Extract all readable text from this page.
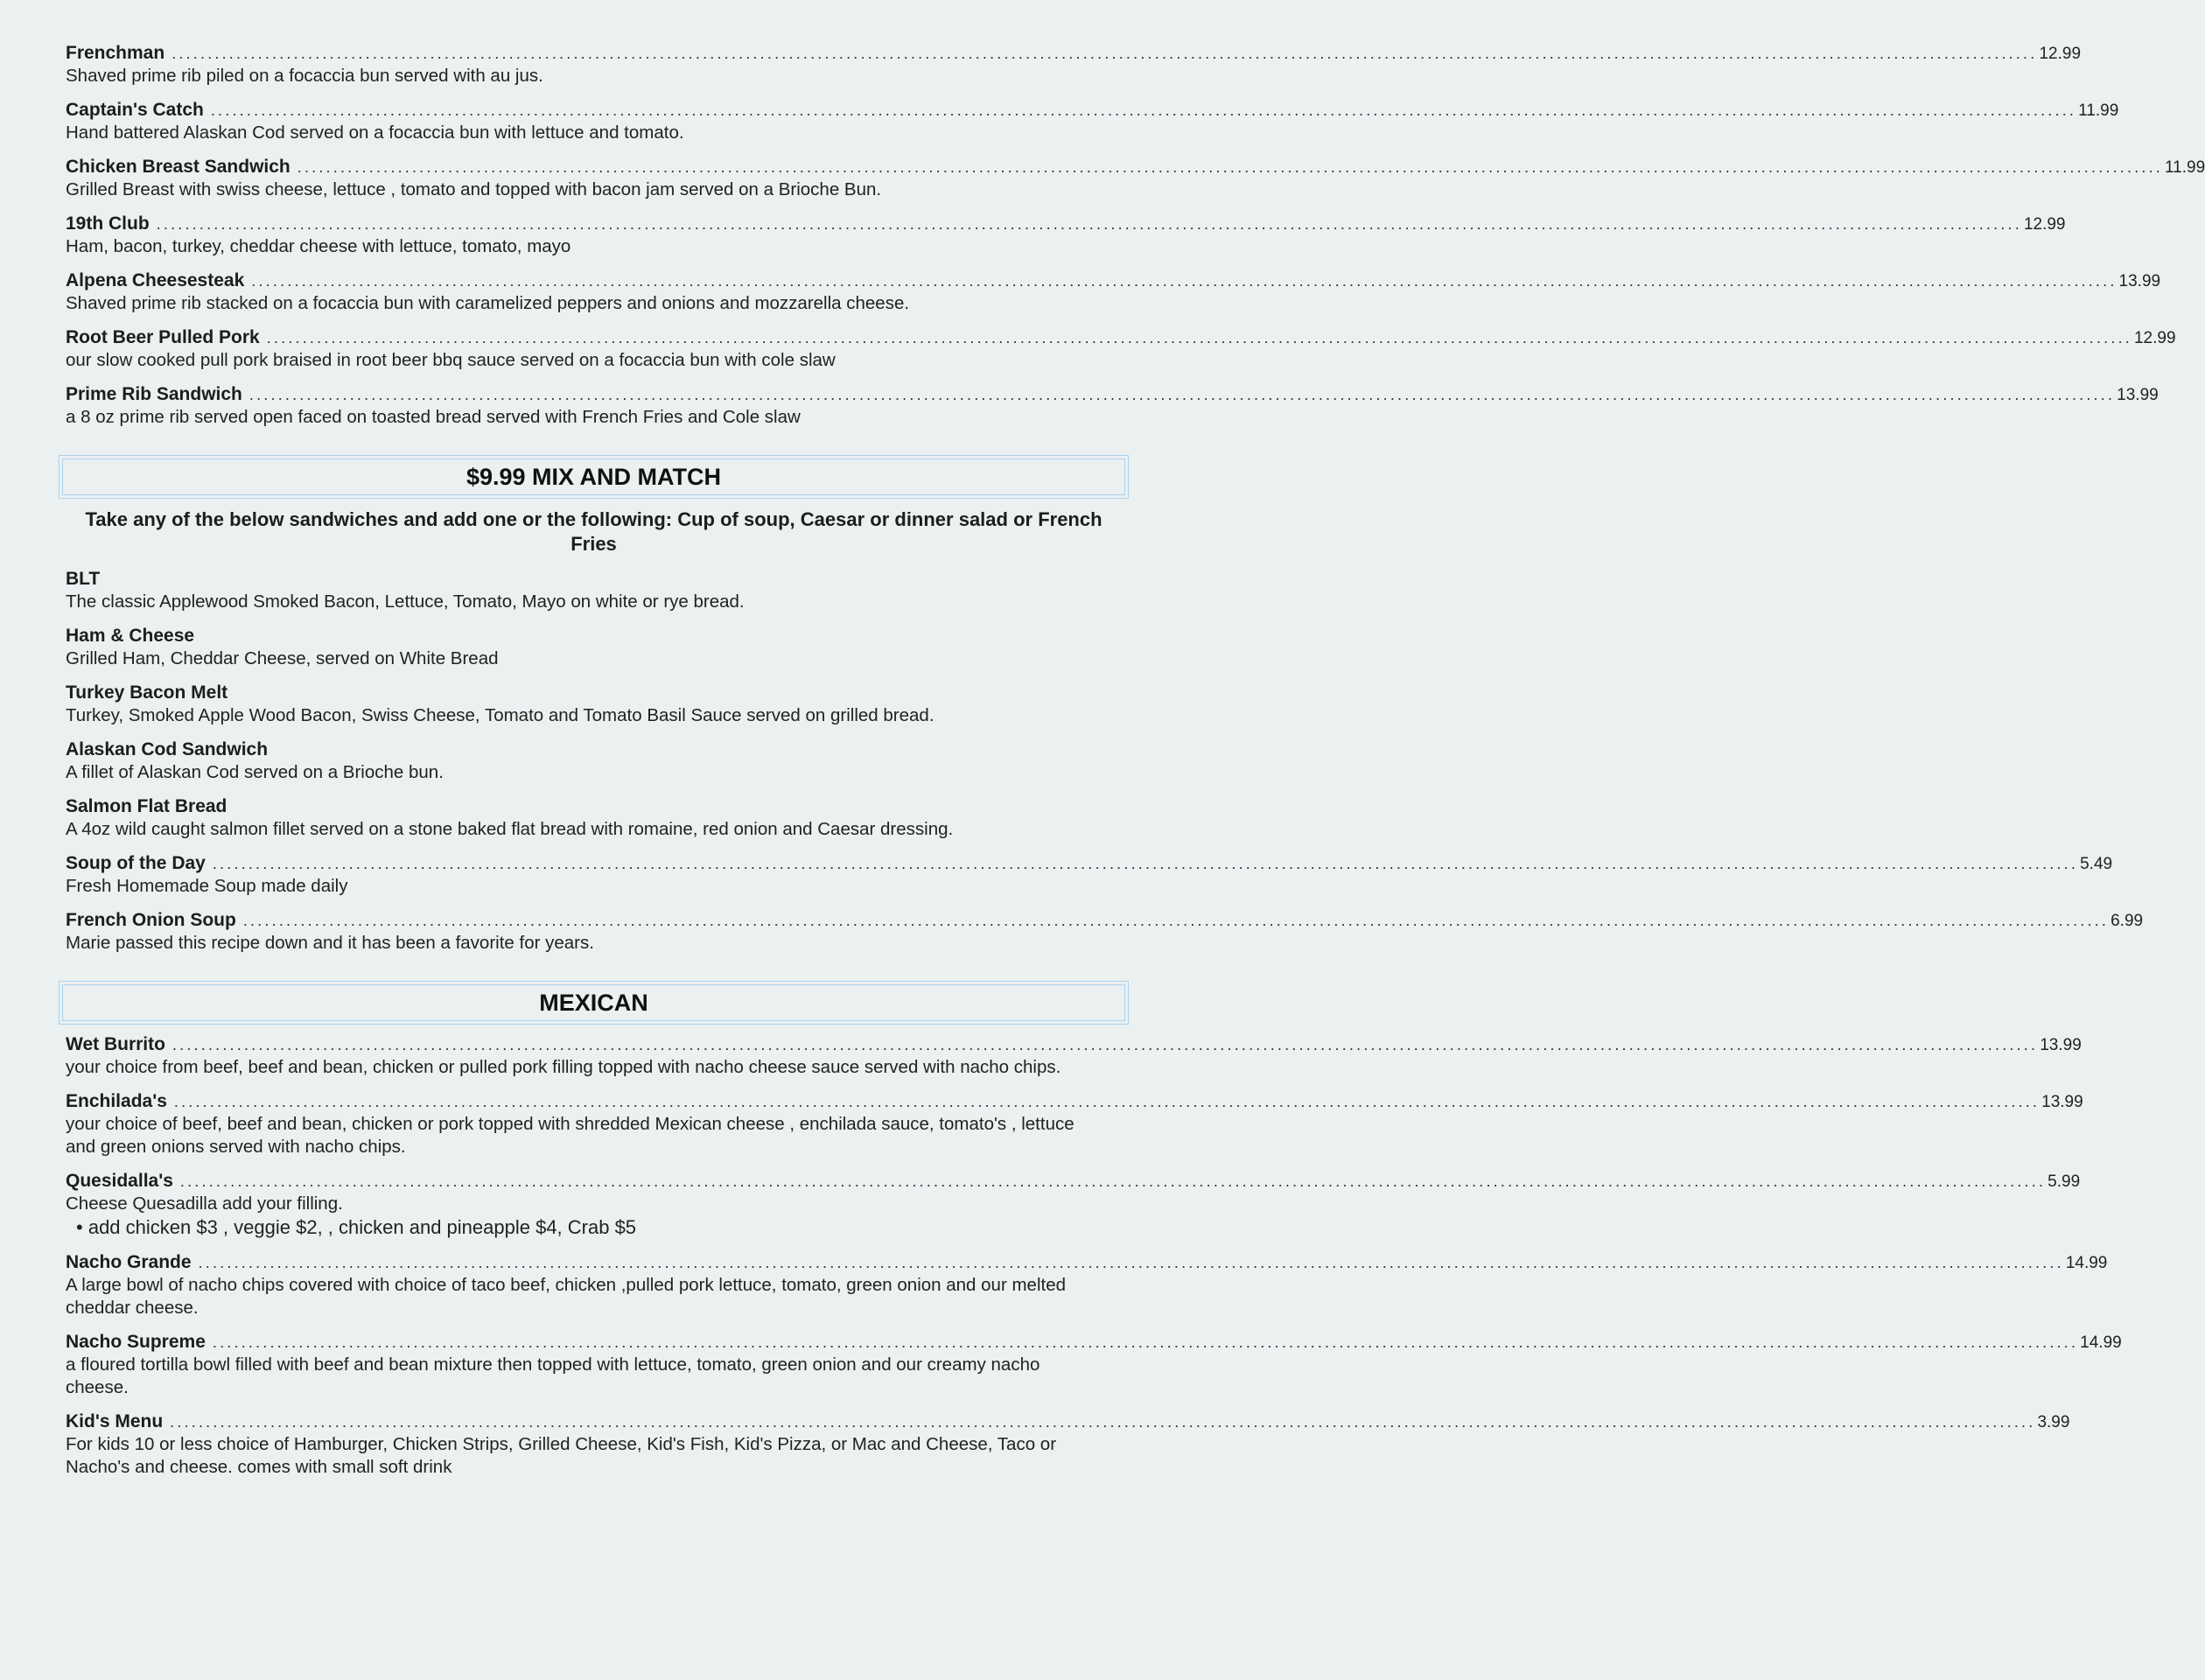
Frenchman .................................................................................................................................................................................................................................................................... 12.99
Shaved prime rib piled on a focaccia bun served with au jus.
Captain's Catch .................................................................................................................................................................................................................................................................... 11.99
Hand battered Alaskan Cod served on a focaccia bun with lettuce and tomato.
Chicken Breast Sandwich .................................................................................................................................................................................................................................................................... 11.99
Grilled Breast with swiss cheese, lettuce , tomato and topped with bacon jam served on a Brioche Bun.
19th Club .................................................................................................................................................................................................................................................................... 12.99
Ham, bacon, turkey, cheddar cheese with lettuce, tomato, mayo
Alpena Cheesesteak .................................................................................................................................................................................................................................................................... 13.99
Shaved prime rib stacked on a focaccia bun with caramelized peppers and onions and mozzarella cheese.
Root Beer Pulled Pork .................................................................................................................................................................................................................................................................... 12.99
our slow cooked pull pork braised in root beer bbq sauce served on a focaccia bun with cole slaw
Prime Rib Sandwich .................................................................................................................................................................................................................................................................... 13.99
a 8 oz prime rib served open faced on toasted bread served with French Fries and Cole slaw
$9.99 MIX AND MATCH
Take any of the below sandwiches and add one or the following: Cup of soup, Caesar or dinner salad or French Fries
BLT
The classic Applewood Smoked Bacon, Lettuce, Tomato, Mayo on white or rye bread.
Ham & Cheese
Grilled Ham, Cheddar Cheese, served on White Bread
Turkey Bacon Melt
Turkey, Smoked Apple Wood Bacon, Swiss Cheese, Tomato and Tomato Basil Sauce served on grilled bread.
Alaskan Cod Sandwich
A fillet of Alaskan Cod served on a Brioche bun.
Salmon Flat Bread
A 4oz wild caught salmon fillet served on a stone baked flat bread with romaine, red onion and Caesar dressing.
Soup of the Day .................................................................................................................................................................................................................................................................... 5.49
Fresh Homemade Soup made daily
French Onion Soup .................................................................................................................................................................................................................................................................... 6.99
Marie passed this recipe down and it has been a favorite for years.
MEXICAN
Wet Burrito .................................................................................................................................................................................................................................................................... 13.99
your choice from beef, beef and bean, chicken or pulled pork filling topped with nacho cheese sauce served with nacho chips.
Enchilada's .................................................................................................................................................................................................................................................................... 13.99
your choice of beef, beef and bean, chicken or pork topped with shredded Mexican cheese , enchilada sauce, tomato's , lettuce and green onions served with nacho chips.
Quesidalla's .................................................................................................................................................................................................................................................................... 5.99
Cheese Quesadilla add your filling.
• add chicken $3 , veggie $2, , chicken and pineapple $4, Crab $5
Nacho Grande .................................................................................................................................................................................................................................................................... 14.99
A large bowl of nacho chips covered with choice of taco beef, chicken ,pulled pork lettuce, tomato, green onion and our melted cheddar cheese.
Nacho Supreme .................................................................................................................................................................................................................................................................... 14.99
a floured tortilla bowl filled with beef and bean mixture then topped with lettuce, tomato, green onion and our creamy nacho cheese.
Kid's Menu .................................................................................................................................................................................................................................................................... 3.99
For kids 10 or less choice of Hamburger, Chicken Strips, Grilled Cheese, Kid's Fish, Kid's Pizza, or Mac and Cheese, Taco or Nacho's and cheese. comes with small soft drink
